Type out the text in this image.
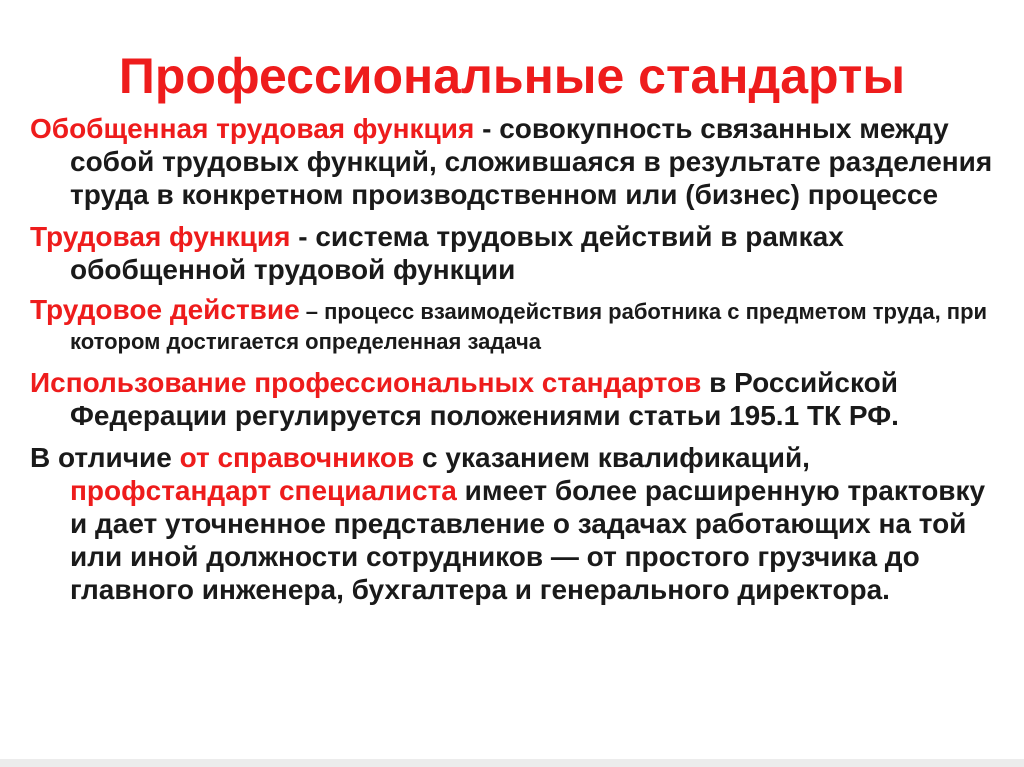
Профессиональные стандарты

Обобщенная трудовая функция - совокупность связанных между собой трудовых функций, сложившаяся в результате разделения труда в конкретном производственном или (бизнес) процессе

Трудовая функция - система трудовых действий в рамках обобщенной трудовой функции

Трудовое действие – процесс взаимодействия работника с предметом труда, при котором достигается определенная задача

Использование профессиональных стандартов в Российской Федерации регулируется положениями статьи 195.1 ТК РФ.

В отличие от справочников с указанием квалификаций, профстандарт специалиста имеет более расширенную трактовку и дает уточненное представление о задачах работающих на той или иной должности сотрудников — от простого грузчика до главного инженера, бухгалтера и генерального директора.
